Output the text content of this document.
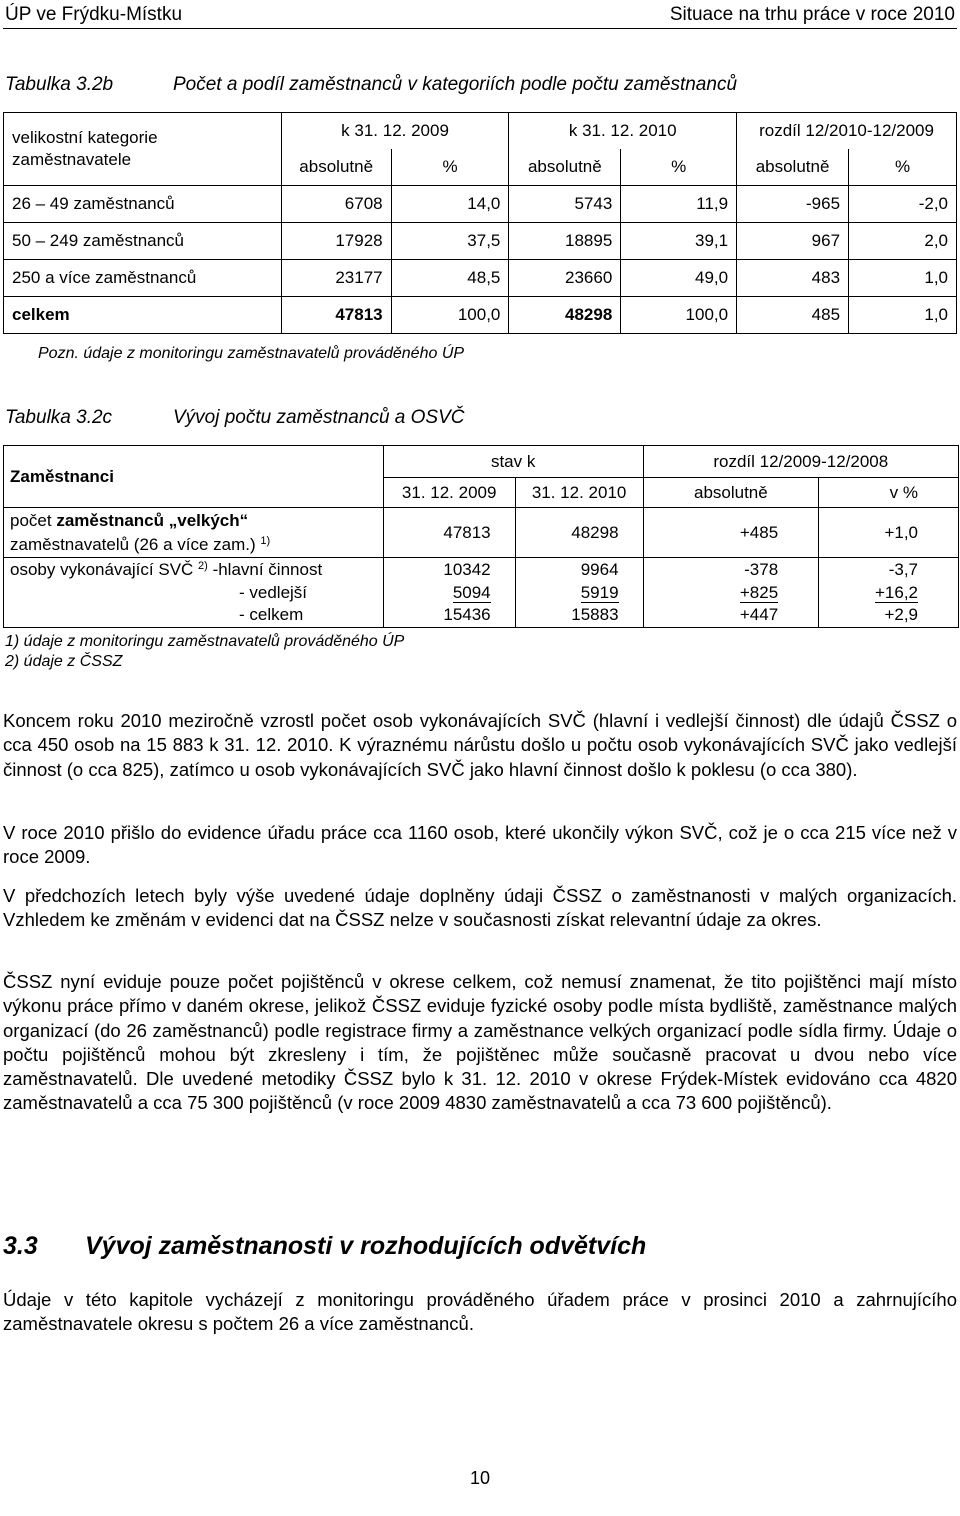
ÚP ve Frýdku-Místku	Situace na trhu práce v roce 2010
Tabulka 3.2b	Počet a podíl zaměstnanců v kategoriích podle počtu zaměstnanců
velikostní kategorie zaměstnavatele	k 31. 12. 2009		k 31. 12. 2010		rozdíl 12/2010-12/2009	
	absolutně	%	absolutně	%	absolutně	%
26 – 49 zaměstnanců	6708	14,0	5743	11,9	-965	-2,0
50 – 249 zaměstnanců	17928	37,5	18895	39,1	967	2,0
250 a více zaměstnanců	23177	48,5	23660	49,0	483	1,0
celkem	47813	100,0	48298	100,0	485	1,0
Pozn. údaje z monitoringu zaměstnavatelů prováděného ÚP
Tabulka 3.2c	Vývoj počtu zaměstnanců a OSVČ
Zaměstnanci	stav k		rozdíl 12/2009-12/2008	
	31. 12. 2009	31. 12. 2010	absolutně	v %
počet zaměstnanců „velkých“
zaměstnavatelů (26 a více zam.) $^{1)}$	47813	48298	+485	+1,0
osoby vykonávající SVČ $^{2)}$ -hlavní činnost	10342	9964	-378	-3,7
- vedlejší	5094	5919	+825	+16,2
- celkem	15436	15883	+447	+2,9
1) údaje z monitoringu zaměstnavatelů prováděného ÚP
2) údaje z ČSSZ
Koncem roku 2010 meziročně vzrostl počet osob vykonávajících SVČ (hlavní i vedlejší činnost) dle údajů ČSSZ o cca 450 osob na 15 883 k 31. 12. 2010. K výraznému nárůstu došlo u počtu osob vykonávajících SVČ jako vedlejší činnost (o cca 825), zatímco u osob vykonávajících SVČ jako hlavní činnost došlo k poklesu (o cca 380).
V roce 2010 přišlo do evidence úřadu práce cca 1160 osob, které ukončily výkon SVČ, což je o cca 215 více než v roce 2009.
V předchozích letech byly výše uvedené údaje doplněny údaji ČSSZ o zaměstnanosti v malých organizacích. Vzhledem ke změnám v evidenci dat na ČSSZ nelze v současnosti získat relevantní údaje za okres.
ČSSZ nyní eviduje pouze počet pojištěnců v okrese celkem, což nemusí znamenat, že tito pojištěnci mají místo výkonu práce přímo v daném okrese, jelikož ČSSZ eviduje fyzické osoby podle místa bydliště, zaměstnance malých organizací (do 26 zaměstnanců) podle registrace firmy a zaměstnance velkých organizací podle sídla firmy. Údaje o počtu pojištěnců mohou být zkresleny i tím, že pojištěnec může současně pracovat u dvou nebo více zaměstnavatelů. Dle uvedené metodiky ČSSZ bylo k 31. 12. 2010 v okrese Frýdek-Místek evidováno cca 4820 zaměstnavatelů a cca 75 300 pojištěnců (v roce 2009 4830 zaměstnavatelů a cca 73 600 pojištěnců).
3.3 Vývoj zaměstnanosti v rozhodujících odvětvích
Údaje v této kapitole vycházejí z monitoringu prováděného úřadem práce v prosinci 2010 a zahrnujícího zaměstnavatele okresu s počtem 26 a více zaměstnanců.
10
